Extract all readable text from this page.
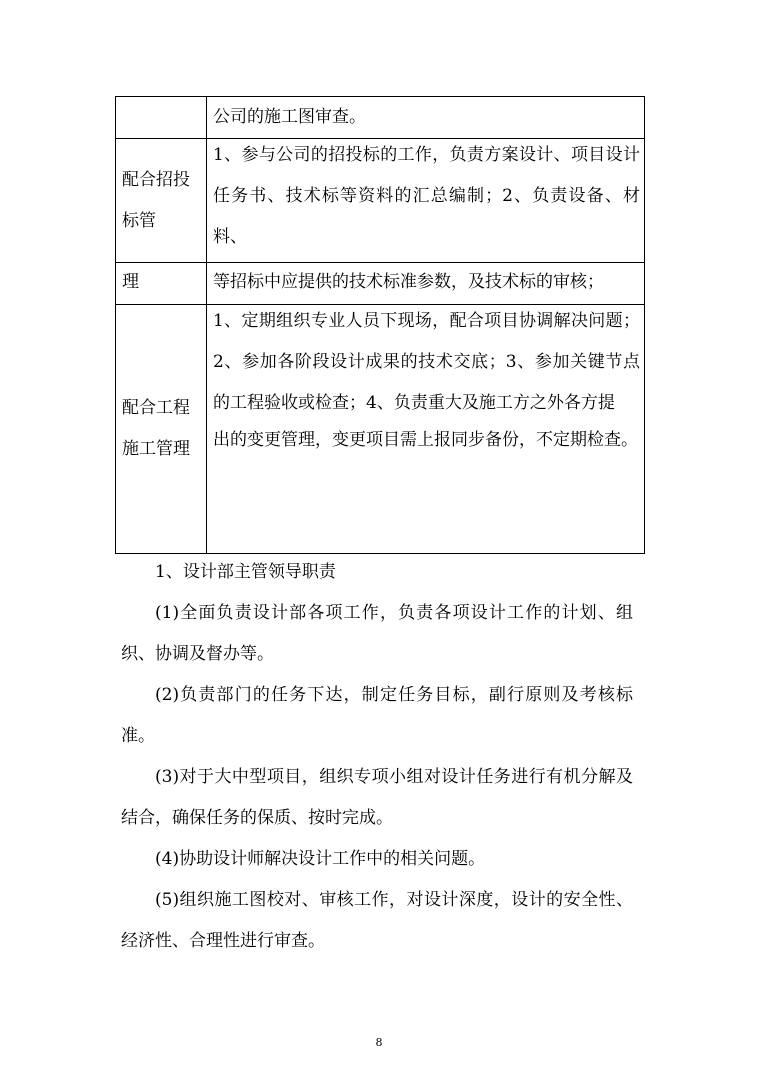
	公司的施工图审查。

配合招投标管	1、参与公司的招投标的工作，负责方案设计、项目设计 任务书、技术标等资料的汇总编制；2、负责设备、材料、

理	等招标中应提供的技术标准参数，及技术标的审核；

配合工程施工管理	1、定期组织专业人员下现场，配合项目协调解决问题；2、参加各阶段设计成果的技术交底；3、参加关键节点 的工程验收或检查；4、负责重大及施工方之外各方提
出的变更管理，变更项目需上报同步备份，不定期检查。

1、设计部主管领导职责

(1)全面负责设计部各项工作，负责各项设计工作的计划、组织、协调及督办等。

(2)负责部门的任务下达，制定任务目标，副行原则及考核标准。

(3)对于大中型项目，组织专项小组对设计任务进行有机分解及结合，确保任务的保质、按时完成。

(4)协助设计师解决设计工作中的相关问题。

(5)组织施工图校对、审核工作，对设计深度，设计的安全性、经济性、合理性进行审查。

8
